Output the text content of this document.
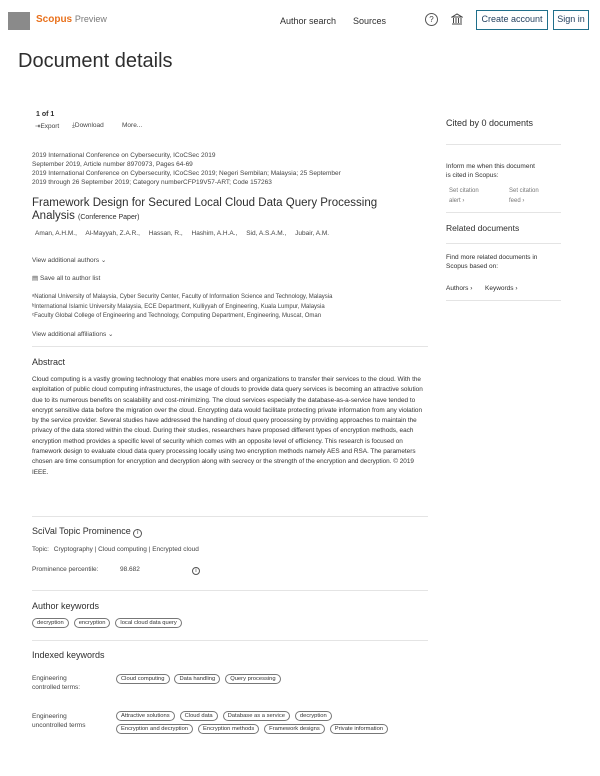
Scopus Preview	Author search Sources	?	Create account	Sign in
Document details
1 of 1
⇥Export ⤓Download	More...
2019 International Conference on Cybersecurity, ICoCSec 2019
September 2019, Article number 8970973, Pages 64-69
2019 International Conference on Cybersecurity, ICoCSec 2019; Negeri Sembilan; Malaysia; 25 September
2019 through 26 September 2019; Category numberCFP19V57-ART; Code 157263
Framework Design for Secured Local Cloud Data Query Processing Analysis (Conference Paper)
Aman, A.H.M., Al-Mayyah, Z.A.R., Hassan, R., Hashim, A.H.A., Sid, A.S.A.M., Jubair, A.M.
View additional authors ⌄
▤ Save all to author list
ᵃNational University of Malaysia, Cyber Security Center, Faculty of Information Science and Technology, Malaysia
ᵇInternational Islamic University Malaysia, ECE Department, Kulliyyah of Engineering, Kuala Lumpur, Malaysia
ᶜFaculty Global College of Engineering and Technology, Computing Department, Engineering, Muscat, Oman
View additional affiliations ⌄
Abstract
Cloud computing is a vastly growing technology that enables more users and organizations to transfer their services to the cloud. With the exploitation of public cloud computing infrastructures, the usage of clouds to provide data query services is becoming an attractive solution due to its numerous benefits on scalability and cost-minimizing. The cloud services especially the database-as-a-service have tended to encrypt sensitive data before the migration over the cloud. Encrypting data would facilitate protecting private information from any violation by the service provider. Several studies have addressed the handling of cloud query processing by providing approaches to maintain the privacy of the data stored within the cloud. During their studies, researchers have proposed different types of encryption methods, each encryption method provides a specific level of security which comes with an opposite level of efficiency. This research is focused on framework design to evaluate cloud data query processing locally using two encryption methods namely AES and RSA. The parameters chosen are time consumption for encryption and decryption along with secrecy or the strength of the encryption and decryption. © 2019 IEEE.
SciVal Topic Prominence i
Topic: Cryptography | Cloud computing | Encrypted cloud
Prominence percentile:	98.682	i
Author keywords
decryption	encryption	local cloud data query
Indexed keywords
Engineering
controlled terms:
Cloud computing	Data handling	Query processing
Engineering
uncontrolled terms
Attractive solutions	Cloud data	Database as a service	decryption Encryption and decryption	Encryption methods	Framework designs	Private information
Cited by 0 documents
Inform me when this document
is cited in Scopus:
Set citation
alert ›
Set citation
feed ›
Related documents
Find more related documents in
Scopus based on:
Authors › Keywords ›
